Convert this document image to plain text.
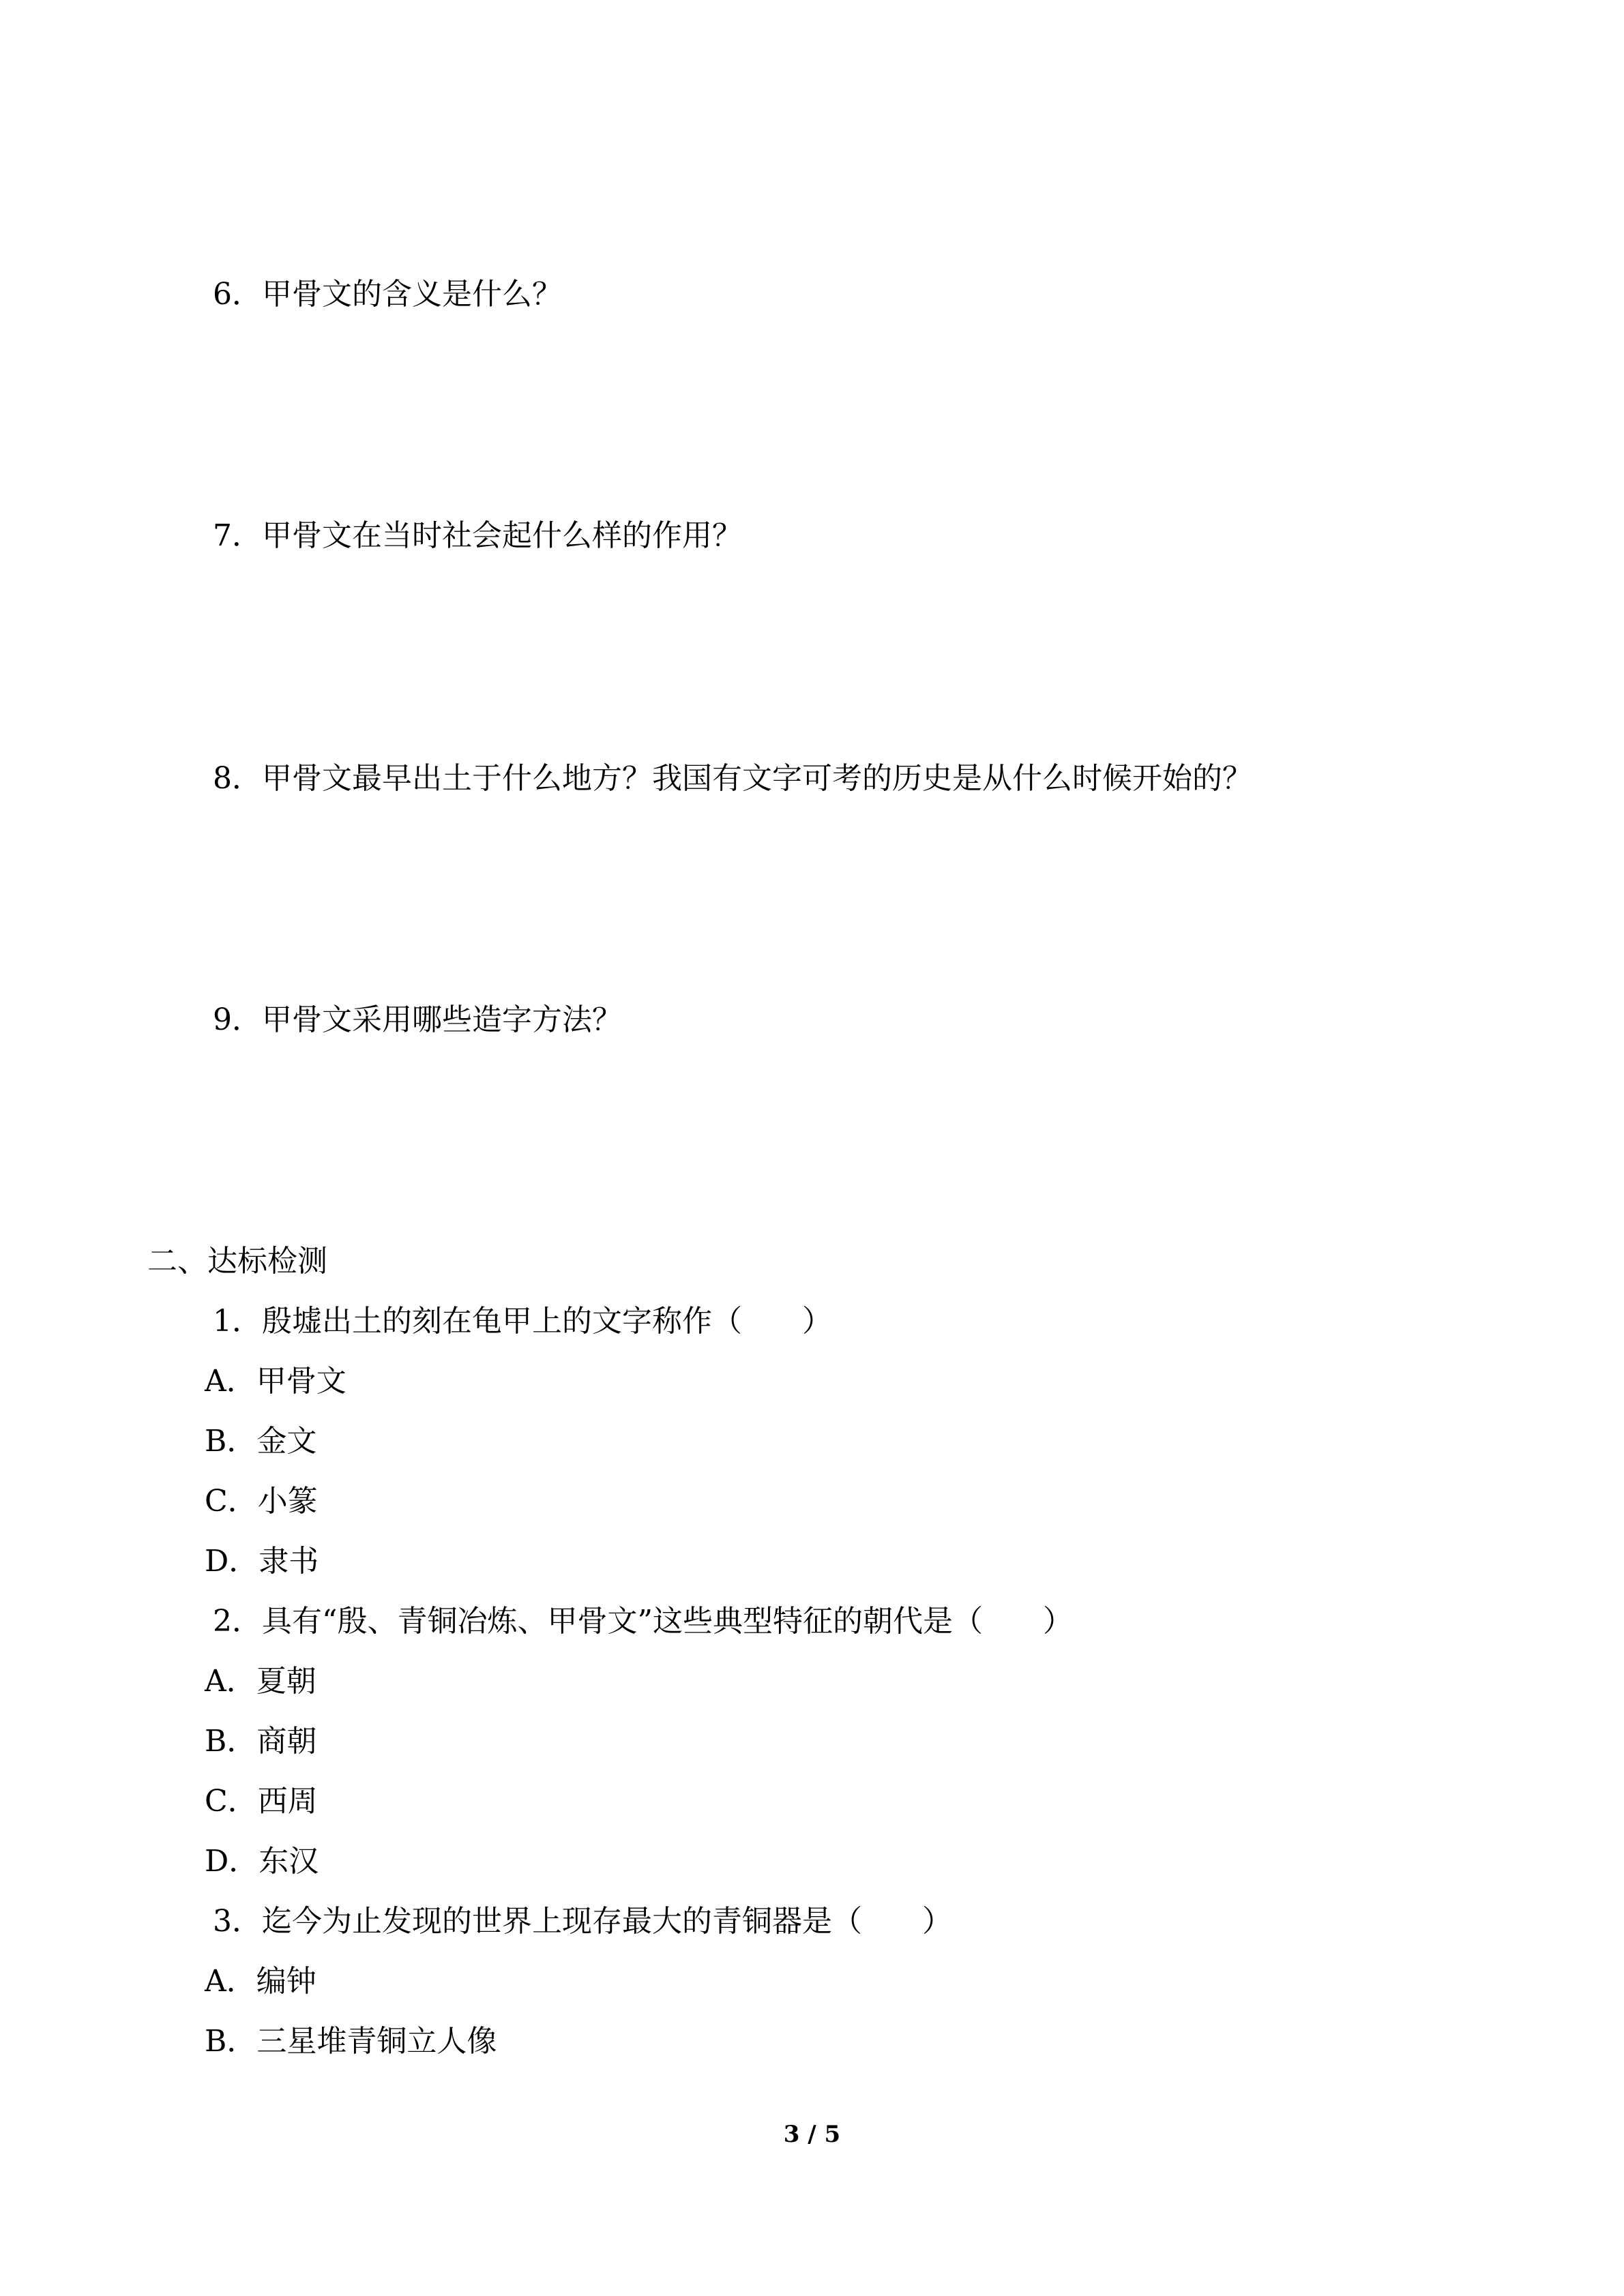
6．甲骨文的含义是什么？

7．甲骨文在当时社会起什么样的作用？

8．甲骨文最早出土于什么地方？我国有文字可考的历史是从什么时候开始的？

9．甲骨文采用哪些造字方法？

二、达标检测

1．殷墟出土的刻在龟甲上的文字称作（　　）

A．甲骨文

B．金文

C．小篆

D．隶书

2．具有“殷、青铜冶炼、甲骨文”这些典型特征的朝代是（　　）

A．夏朝

B．商朝

C．西周

D．东汉

3．迄今为止发现的世界上现存最大的青铜器是（　　）

A．编钟

B．三星堆青铜立人像

3 / 5
